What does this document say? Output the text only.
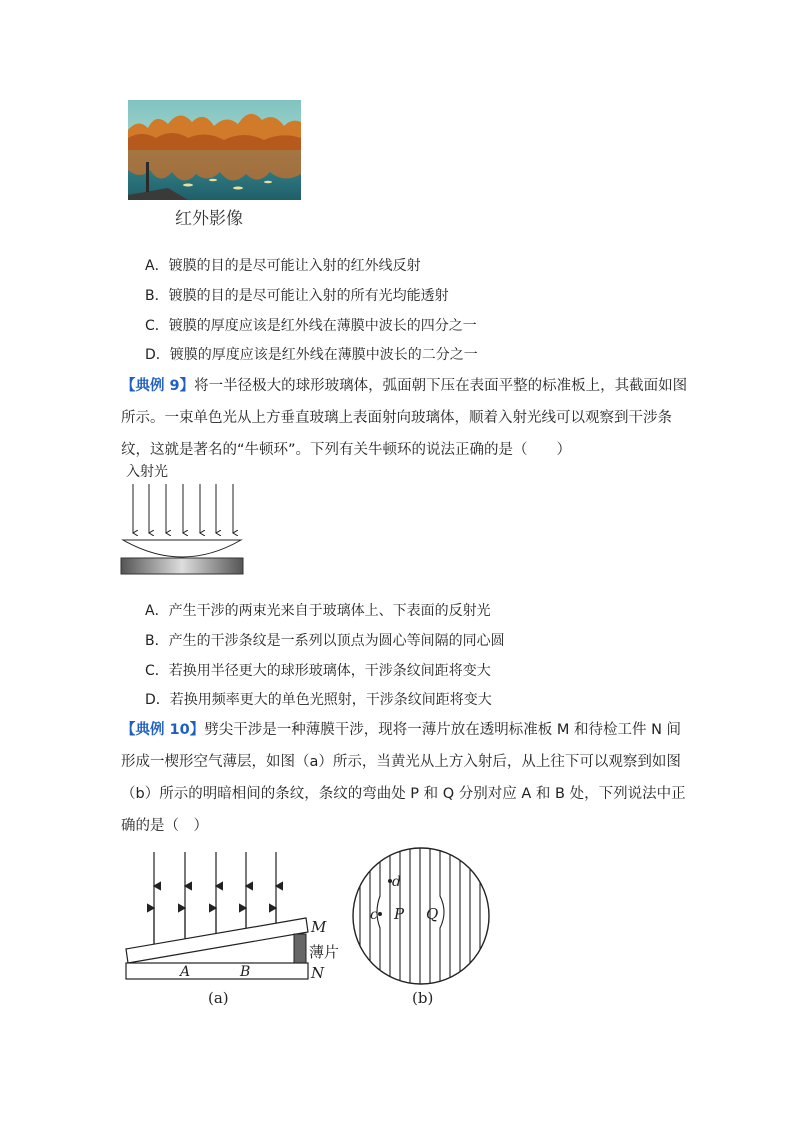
红外影像
A．镀膜的目的是尽可能让入射的红外线反射
B．镀膜的目的是尽可能让入射的所有光均能透射
C．镀膜的厚度应该是红外线在薄膜中波长的四分之一
D．镀膜的厚度应该是红外线在薄膜中波长的二分之一
【典例 9】将一半径极大的球形玻璃体，弧面朝下压在表面平整的标准板上，其截面如图所示。一束单色光从上方垂直玻璃上表面射向玻璃体，顺着入射光线可以观察到干涉条纹，这就是著名的“牛顿环”。下列有关牛顿环的说法正确的是（　　）
入射光
A．产生干涉的两束光来自于玻璃体上、下表面的反射光
B．产生的干涉条纹是一系列以顶点为圆心等间隔的同心圆
C．若换用半径更大的球形玻璃体，干涉条纹间距将变大
D．若换用频率更大的单色光照射，干涉条纹间距将变大
【典例 10】劈尖干涉是一种薄膜干涉，现将一薄片放在透明标准板 M 和待检工件 N 间形成一楔形空气薄层，如图（a）所示，当黄光从上方入射后，从上往下可以观察到如图（b）所示的明暗相间的条纹，条纹的弯曲处 P 和 Q 分别对应 A 和 B 处，下列说法中正确的是（　）
A	B
M
薄片
N
(a)
d
c P Q
(b)
